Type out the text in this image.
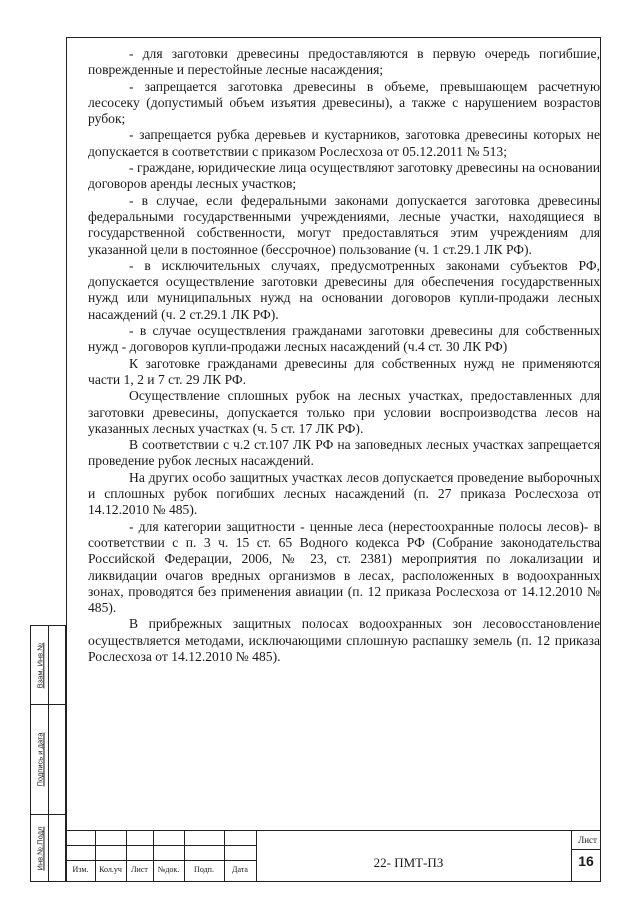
- для заготовки древесины предоставляются в первую очередь погибшие, поврежденные и перестойные лесные насаждения;

- запрещается заготовка древесины в объеме, превышающем расчетную лесосеку (допустимый объем изъятия древесины), а также с нарушением возрастов рубок;

- запрещается рубка деревьев и кустарников, заготовка древесины которых не допускается в соответствии с приказом Рослесхоза от 05.12.2011 № 513;

- граждане, юридические лица осуществляют заготовку древесины на основании договоров аренды лесных участков;

- в случае, если федеральными законами допускается заготовка древесины федеральными государственными учреждениями, лесные участки, находящиеся в государственной собственности, могут предоставляться этим учреждениям для указанной цели в постоянное (бессрочное) пользование (ч. 1 ст.29.1 ЛК РФ).

- в исключительных случаях, предусмотренных законами субъектов РФ, допускается осуществление заготовки древесины для обеспечения государственных нужд или муниципальных нужд на основании договоров купли-продажи лесных насаждений (ч. 2 ст.29.1 ЛК РФ).

- в случае осуществления гражданами заготовки древесины для собственных нужд - договоров купли-продажи лесных насаждений (ч.4 ст. 30 ЛК РФ)

К заготовке гражданами древесины для собственных нужд не применяются части 1, 2 и 7 ст. 29 ЛК РФ.

Осуществление сплошных рубок на лесных участках, предоставленных для заготовки древесины, допускается только при условии воспроизводства лесов на указанных лесных участках (ч. 5 ст. 17 ЛК РФ).

В соответствии с ч.2 ст.107 ЛК РФ на заповедных лесных участках запрещается проведение рубок лесных насаждений.

На других особо защитных участках лесов допускается проведение выборочных и сплошных рубок погибших лесных насаждений (п. 27 приказа Рослесхоза от 14.12.2010 № 485).

- для категории защитности - ценные леса (нерестоохранные полосы лесов)- в соответствии с п. 3 ч. 15 ст. 65 Водного кодекса РФ (Собрание законодательства Российской Федерации, 2006, № 23, ст. 2381) мероприятия по локализации и ликвидации очагов вредных организмов в лесах, расположенных в водоохранных зонах, проводятся без применения авиации (п. 12 приказа Рослесхоза от 14.12.2010 № 485).

В прибрежных защитных полосах водоохранных зон лесовосстановление осуществляется методами, исключающими сплошную распашку земель (п. 12 приказа Рослесхоза от 14.12.2010 № 485).

Взам. Инв.№
Подпись и дата
Инв.№.Подл	Изм.	Кол.уч	Лист	№док.	Подп.	Дата	22- ПМТ-ПЗ
Лист
16
